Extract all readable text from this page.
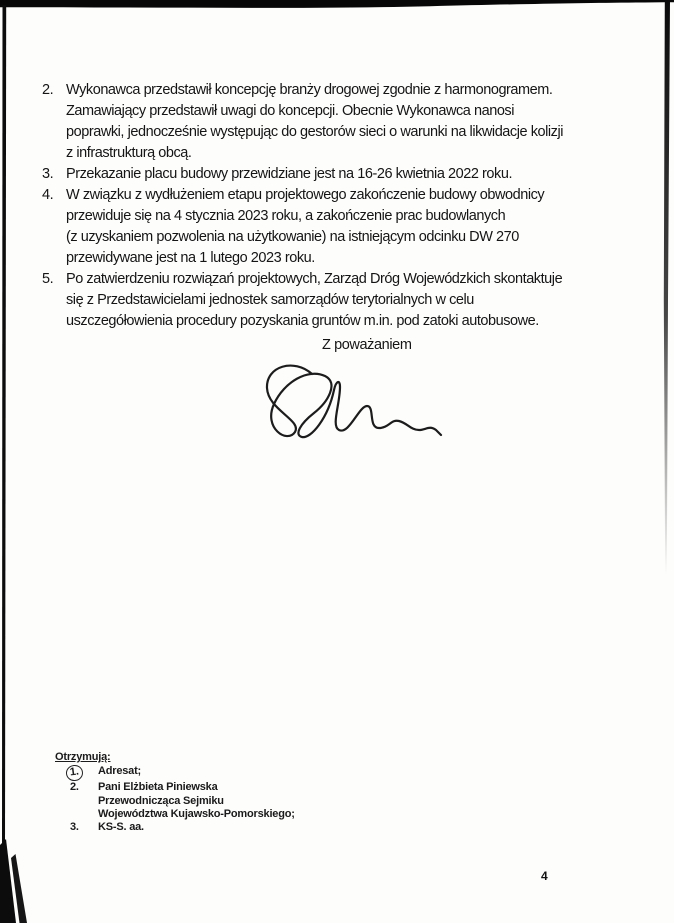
2. Wykonawca przedstawił koncepcję branży drogowej zgodnie z harmonogramem.
Zamawiający przedstawił uwagi do koncepcji. Obecnie Wykonawca nanosi
poprawki, jednocześnie występując do gestorów sieci o warunki na likwidacje kolizji
z infrastrukturą obcą.
3. Przekazanie placu budowy przewidziane jest na 16-26 kwietnia 2022 roku.
4. W związku z wydłużeniem etapu projektowego zakończenie budowy obwodnicy
przewiduje się na 4 stycznia 2023 roku, a zakończenie prac budowlanych
(z uzyskaniem pozwolenia na użytkowanie) na istniejącym odcinku DW 270
przewidywane jest na 1 lutego 2023 roku.
5. Po zatwierdzeniu rozwiązań projektowych, Zarząd Dróg Wojewódzkich skontaktuje
się z Przedstawicielami jednostek samorządów terytorialnych w celu
uszczegółowienia procedury pozyskania gruntów m.in. pod zatoki autobusowe.
Z poważaniem
Otrzymują:
1.	Adresat;
2.	Pani Elżbieta Piniewska
Przewodnicząca Sejmiku
Województwa Kujawsko-Pomorskiego;
3.	KS-S. aa.
4
